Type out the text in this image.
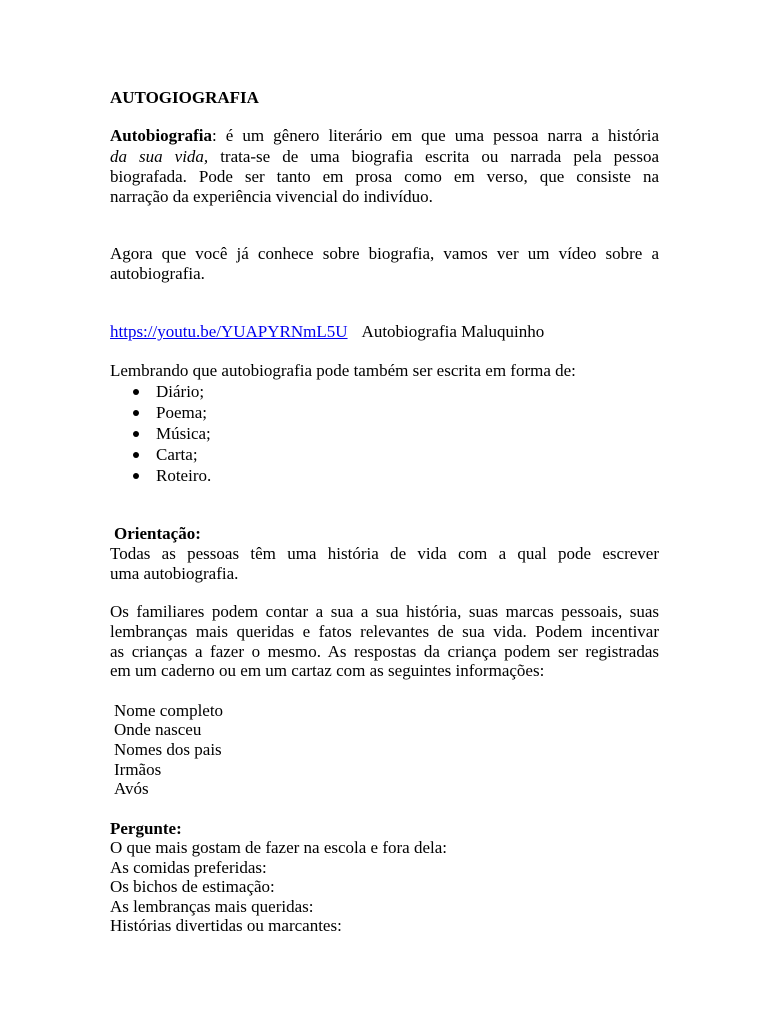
AUTOGIOGRAFIA
Autobiografia: é um gênero literário em que uma pessoa narra a história
da sua vida, trata-se de uma biografia escrita ou narrada pela pessoa
biografada. Pode ser tanto em prosa como em verso, que consiste na
narração da experiência vivencial do indivíduo.
Agora que você já conhece sobre biografia, vamos ver um vídeo sobre a
autobiografia.
https://youtu.be/YUAPYRNmL5U Autobiografia Maluquinho
Lembrando que autobiografia pode também ser escrita em forma de:
Diário;
Poema;
Música;
Carta;
Roteiro.
Orientação:
Todas as pessoas têm uma história de vida com a qual pode escrever
uma autobiografia.
Os familiares podem contar a sua a sua história, suas marcas pessoais, suas
lembranças mais queridas e fatos relevantes de sua vida. Podem incentivar
as crianças a fazer o mesmo. As respostas da criança podem ser registradas
em um caderno ou em um cartaz com as seguintes informações:
Nome completo
Onde nasceu
Nomes dos pais
Irmãos
Avós
Pergunte:
O que mais gostam de fazer na escola e fora dela:
As comidas preferidas:
Os bichos de estimação:
As lembranças mais queridas:
Histórias divertidas ou marcantes:
